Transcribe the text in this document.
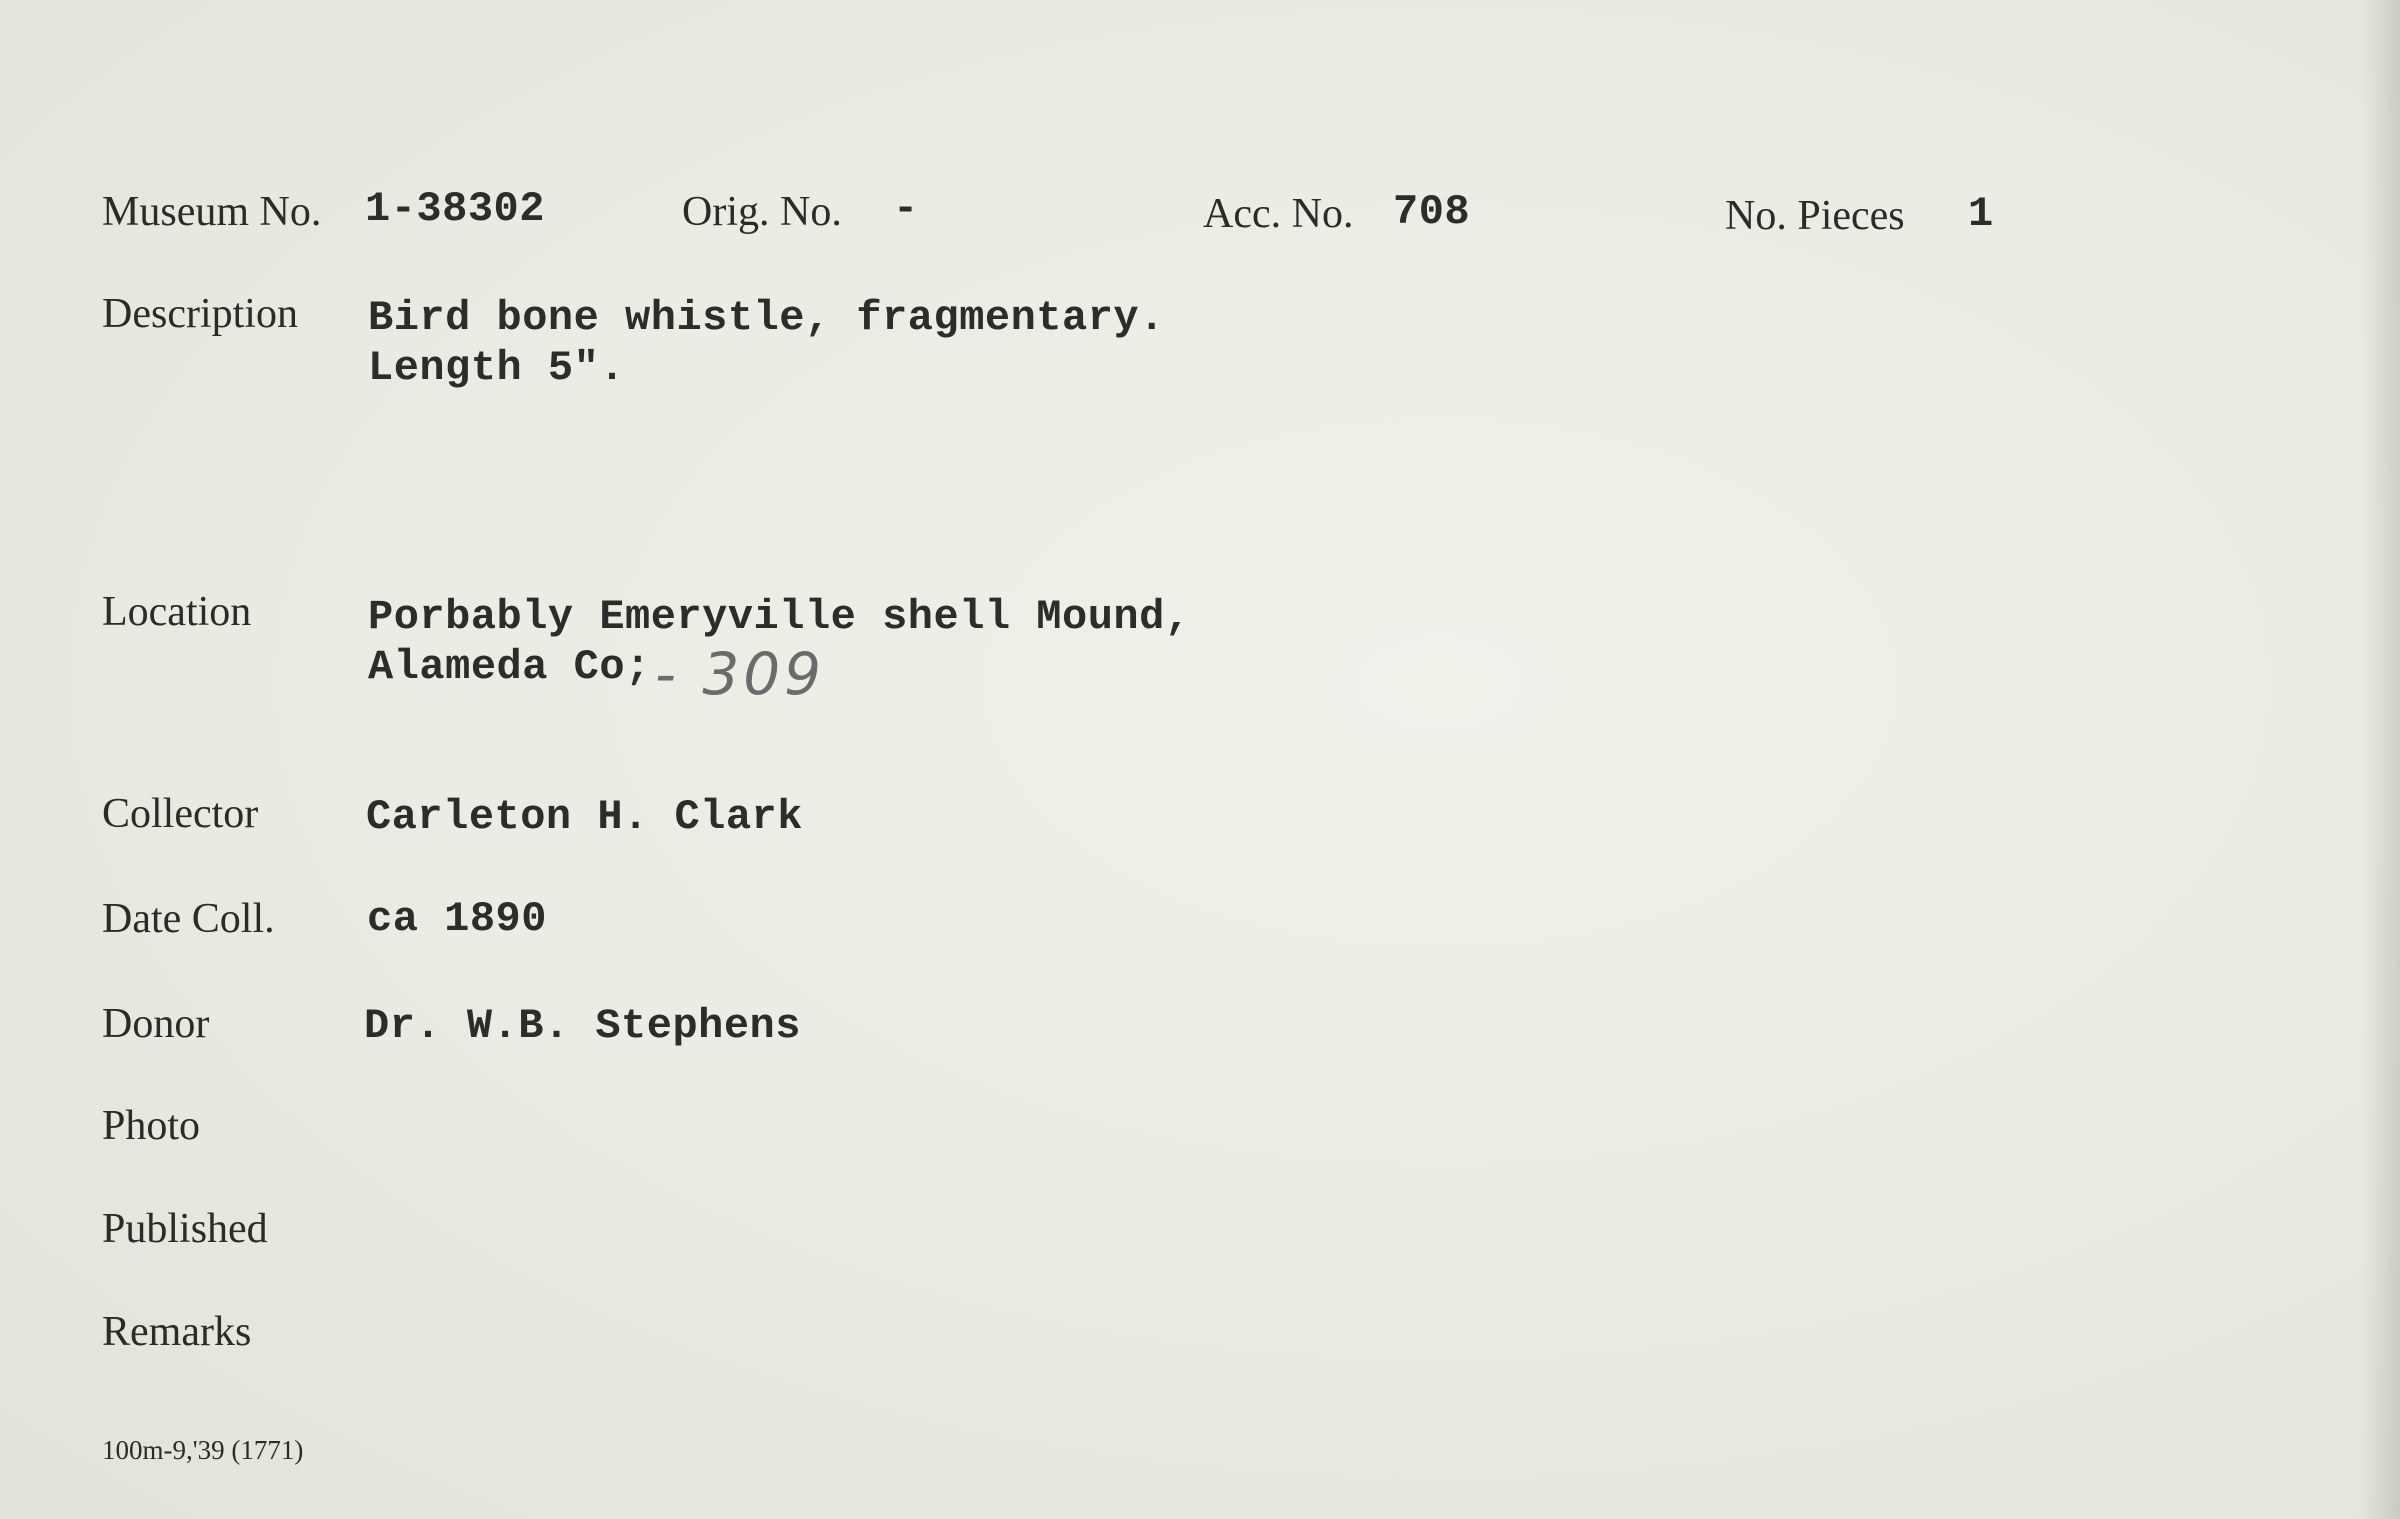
Museum No. 1-38302	Orig. No. -	Acc. No. 708	No. Pieces 1
Description Bird bone whistle, fragmentary.
Length 5".
Location	Porbably Emeryville shell Mound,
Alameda Co; - 309
Collector	Carleton H. Clark
Date Coll. ca 1890
Donor	Dr. W.B. Stephens
Photo
Published
Remarks
100m-9,'39 (1771)
